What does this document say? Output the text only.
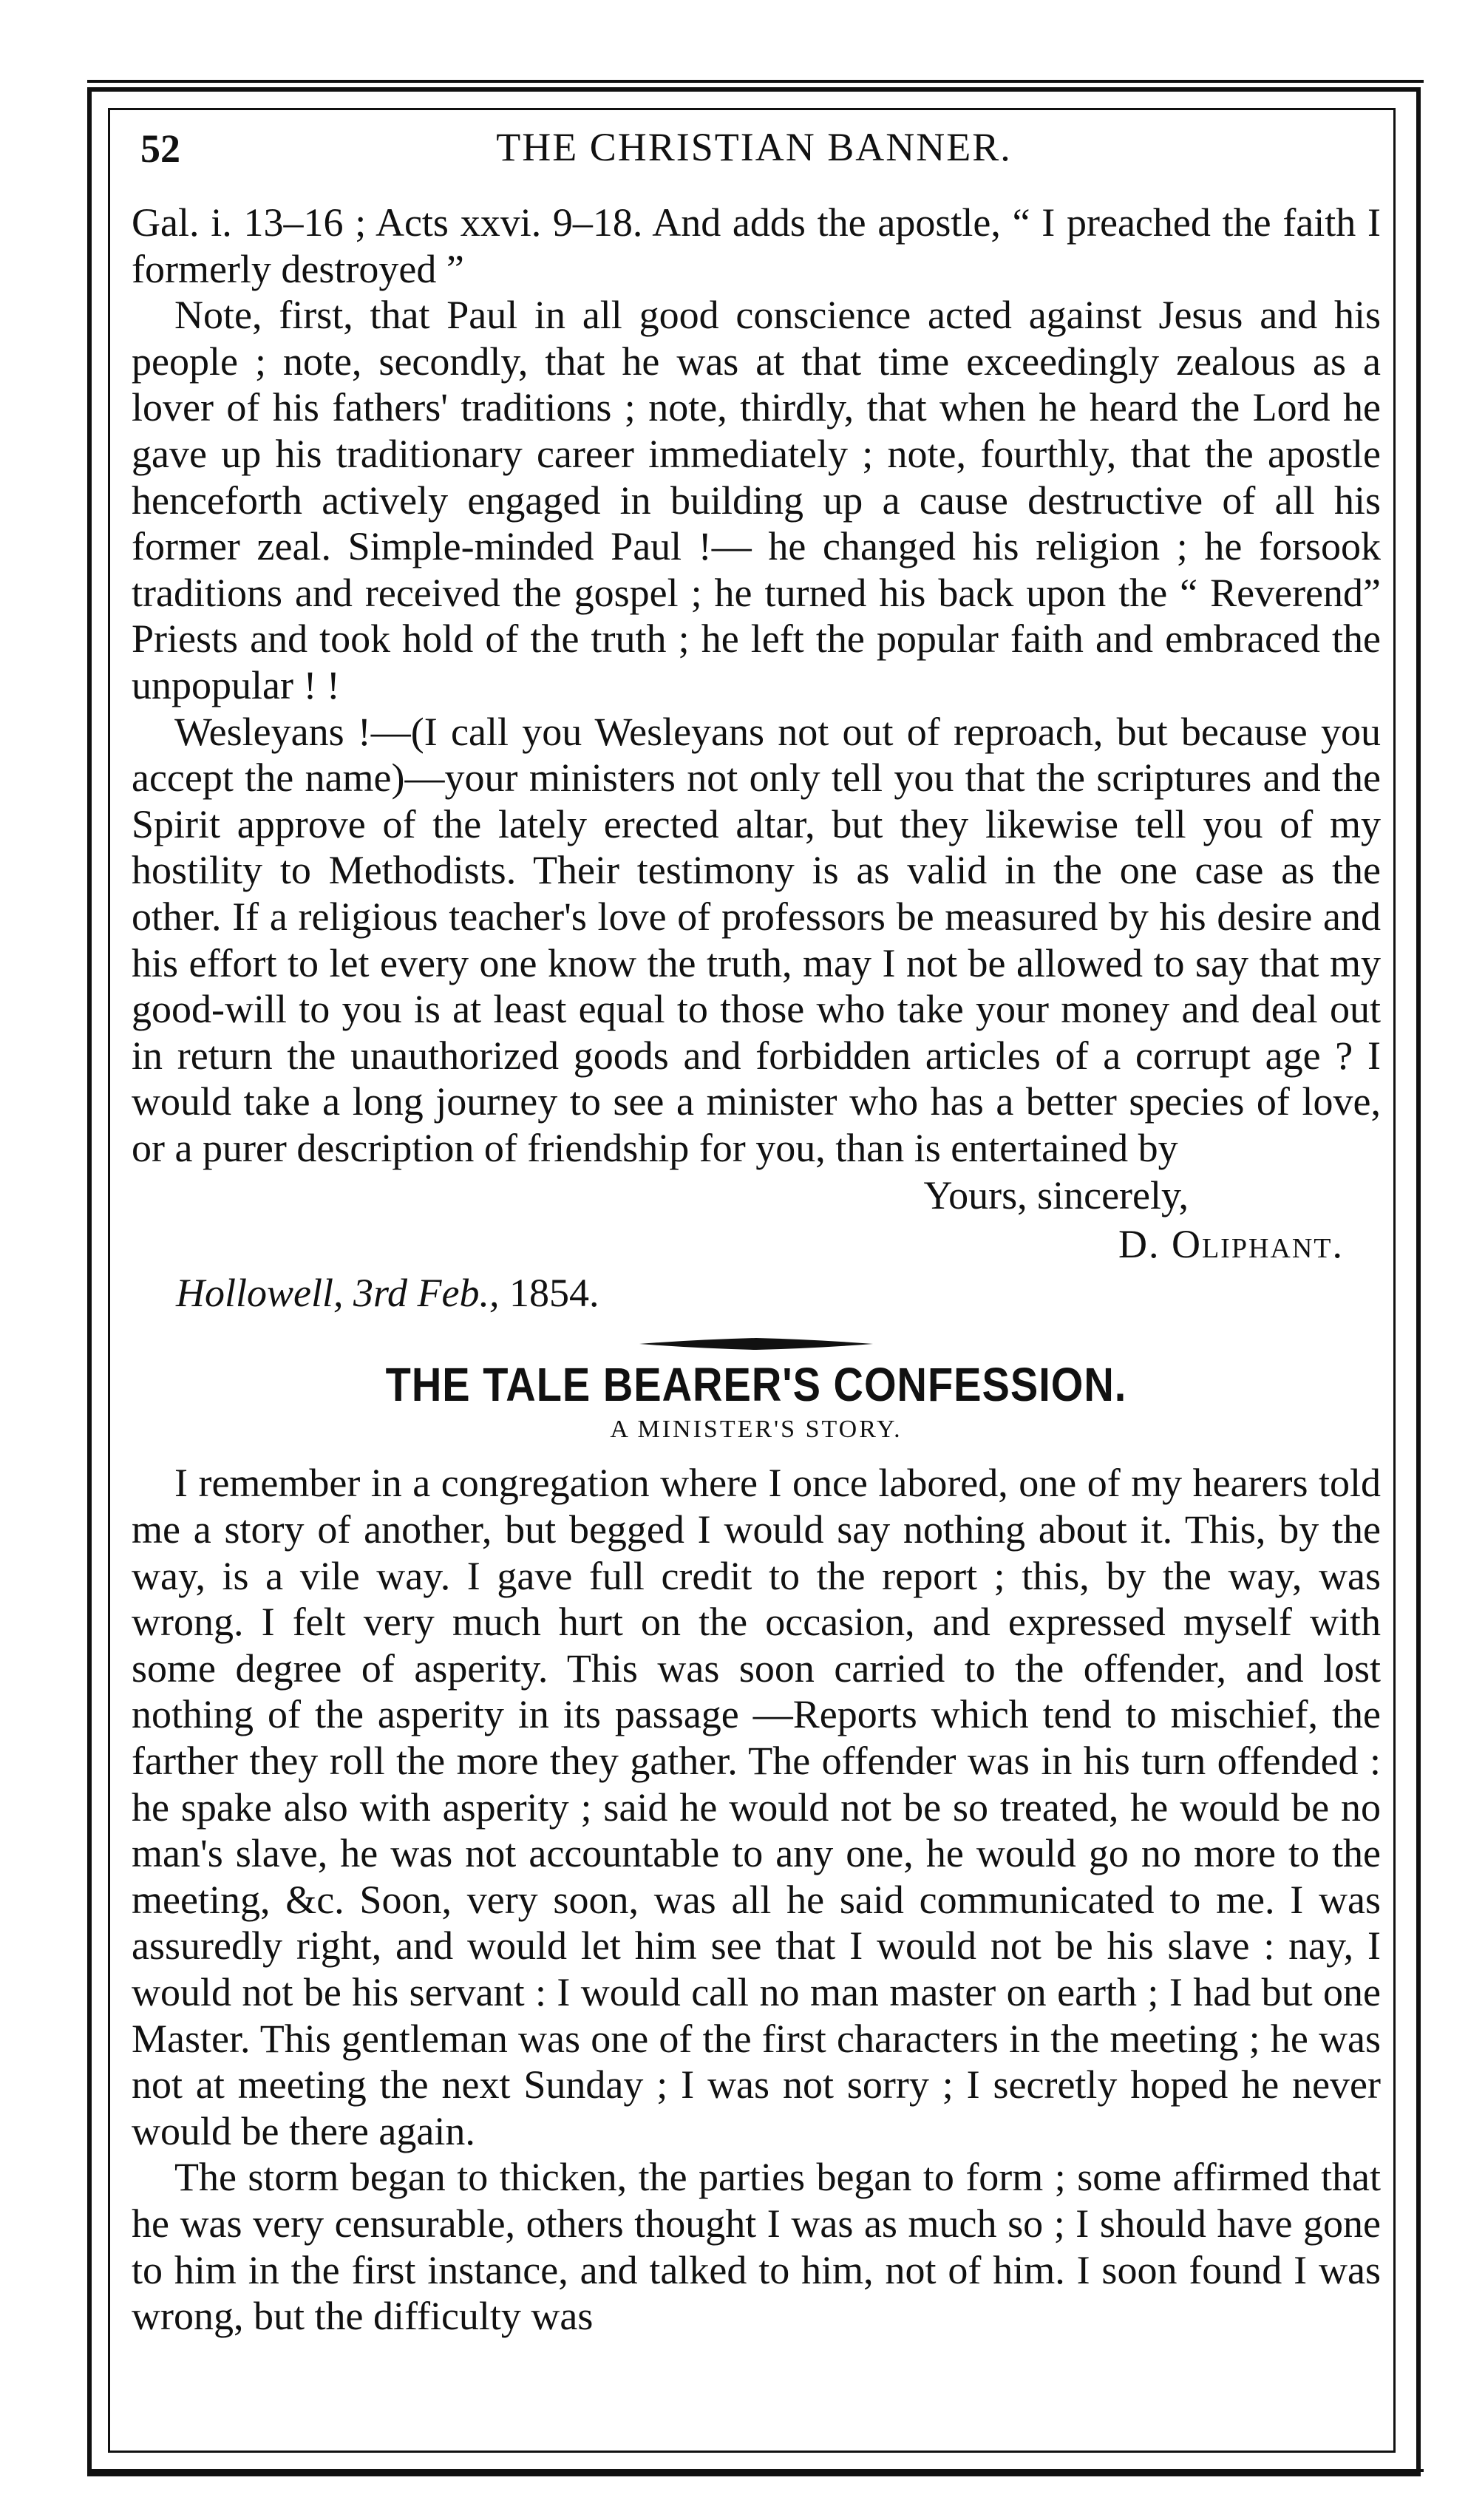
52	THE CHRISTIAN BANNER.

Gal. i. 13–16 ; Acts xxvi. 9–18. And adds the apostle, “ I preached the faith I formerly destroyed ”

Note, first, that Paul in all good conscience acted against Jesus and his people ; note, secondly, that he was at that time exceedingly zealous as a lover of his fathers' traditions ; note, thirdly, that when he heard the Lord he gave up his traditionary career immediately ; note, fourthly, that the apostle henceforth actively engaged in building up a cause destructive of all his former zeal. Simple-minded Paul !— he changed his religion ; he forsook traditions and received the gospel ; he turned his back upon the “ Reverend” Priests and took hold of the truth ; he left the popular faith and embraced the unpopular ! !

Wesleyans !—(I call you Wesleyans not out of reproach, but because you accept the name)—your ministers not only tell you that the scriptures and the Spirit approve of the lately erected altar, but they likewise tell you of my hostility to Methodists. Their testimony is as valid in the one case as the other. If a religious teacher's love of professors be measured by his desire and his effort to let every one know the truth, may I not be allowed to say that my good-will to you is at least equal to those who take your money and deal out in return the unauthorized goods and forbidden articles of a corrupt age ? I would take a long journey to see a minister who has a better species of love, or a purer description of friendship for you, than is entertained by

Yours, sincerely,
D. Oliphant.
Hollowell, 3rd Feb., 1854.
THE TALE BEARER'S CONFESSION.
A MINISTER'S STORY.

I remember in a congregation where I once labored, one of my hearers told me a story of another, but begged I would say nothing about it. This, by the way, is a vile way. I gave full credit to the report ; this, by the way, was wrong. I felt very much hurt on the occasion, and expressed myself with some degree of asperity. This was soon carried to the offender, and lost nothing of the asperity in its passage —Reports which tend to mischief, the farther they roll the more they gather. The offender was in his turn offended : he spake also with asperity ; said he would not be so treated, he would be no man's slave, he was not accountable to any one, he would go no more to the meeting, &c. Soon, very soon, was all he said communicated to me. I was assuredly right, and would let him see that I would not be his slave : nay, I would not be his servant : I would call no man master on earth ; I had but one Master. This gentleman was one of the first characters in the meeting ; he was not at meeting the next Sunday ; I was not sorry ; I secretly hoped he never would be there again.

The storm began to thicken, the parties began to form ; some affirmed that he was very censurable, others thought I was as much so ; I should have gone to him in the first instance, and talked to him, not of him. I soon found I was wrong, but the difficulty was
